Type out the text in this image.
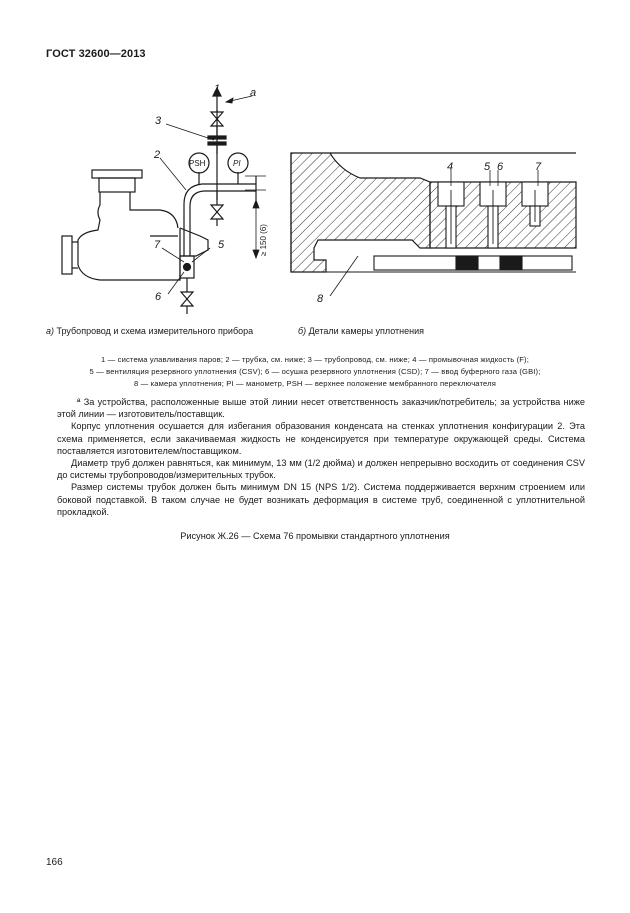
ГОСТ 32600—2013
1	a
3
2
PSH	PI
≥ 150 (6)
7	5
6
4	5 6	7
8
а) Трубопровод и схема измерительного прибора	б) Детали камеры уплотнения
1 — система улавливания паров; 2 — трубка, см. ниже; 3 — трубопровод, см. ниже; 4 — промывочная жидкость (F);
5 — вентиляция резервного уплотнения (CSV); 6 — осушка резервного уплотнения (CSD); 7 — ввод буферного газа (GBI);
8 — камера уплотнения; PI — манометр, PSH — верхнее положение мембранного переключателя

ª За устройства, расположенные выше этой линии несет ответственность заказчик/потребитель; за устройства ниже этой линии — изготовитель/поставщик.

Корпус уплотнения осушается для избегания образования конденсата на стенках уплотнения конфигурации 2. Эта схема применяется, если закачиваемая жидкость не конденсируется при температуре окружающей среды. Система поставляется изготовителем/поставщиком.

Диаметр труб должен равняться, как минимум, 13 мм (1/2 дюйма) и должен непрерывно восходить от соединения CSV до системы трубопроводов/измерительных трубок.

Размер системы трубок должен быть минимум DN 15 (NPS 1/2). Система поддерживается верхним строением или боковой подставкой. В таком случае не будет возникать деформация в системе труб, соединенной с уплотнительной прокладкой.

Рисунок Ж.26 — Схема 76 промывки стандартного уплотнения
166
